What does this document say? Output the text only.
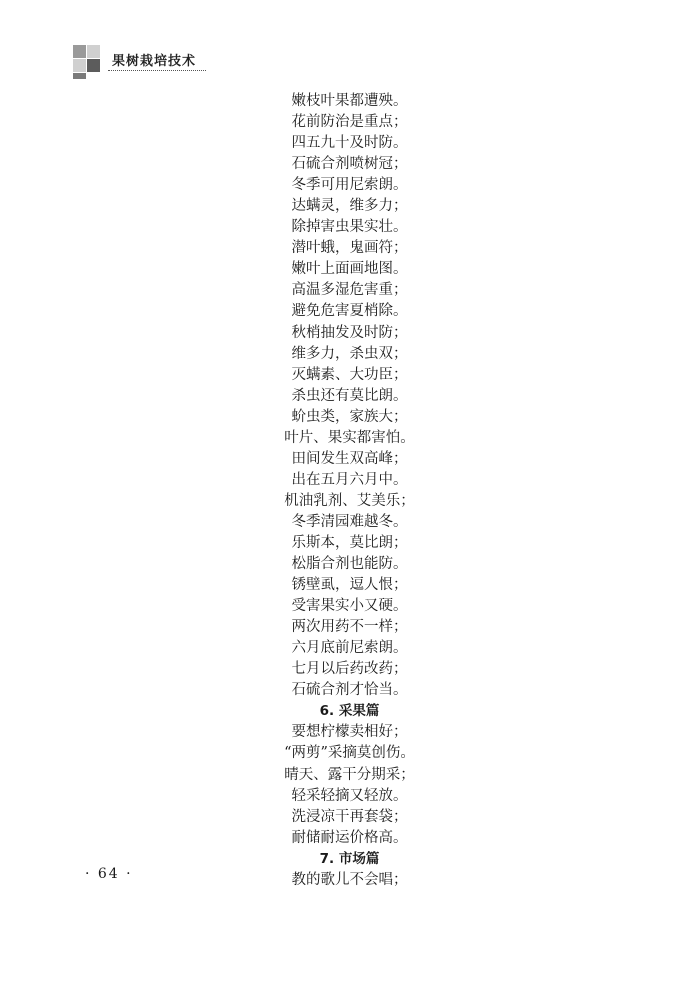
果树栽培技术
嫩枝叶果都遭殃。
花前防治是重点；
四五九十及时防。
石硫合剂喷树冠；
冬季可用尼索朗。
达螨灵，维多力；
除掉害虫果实壮。
潜叶蛾，鬼画符；
嫩叶上面画地图。
高温多湿危害重；
避免危害夏梢除。
秋梢抽发及时防；
维多力，杀虫双；
灭螨素、大功臣；
杀虫还有莫比朗。
蚧虫类，家族大；
叶片、果实都害怕。
田间发生双高峰；
出在五月六月中。
机油乳剂、艾美乐；
冬季清园难越冬。
乐斯本，莫比朗；
松脂合剂也能防。
锈壁虱，逗人恨；
受害果实小又硬。
两次用药不一样；
六月底前尼索朗。
七月以后药改药；
石硫合剂才恰当。
6. 采果篇
要想柠檬卖相好；
“两剪”采摘莫创伤。
晴天、露干分期采；
轻采轻摘又轻放。
洗浸凉干再套袋；
耐储耐运价格高。
7. 市场篇
教的歌儿不会唱；
· 64 ·
